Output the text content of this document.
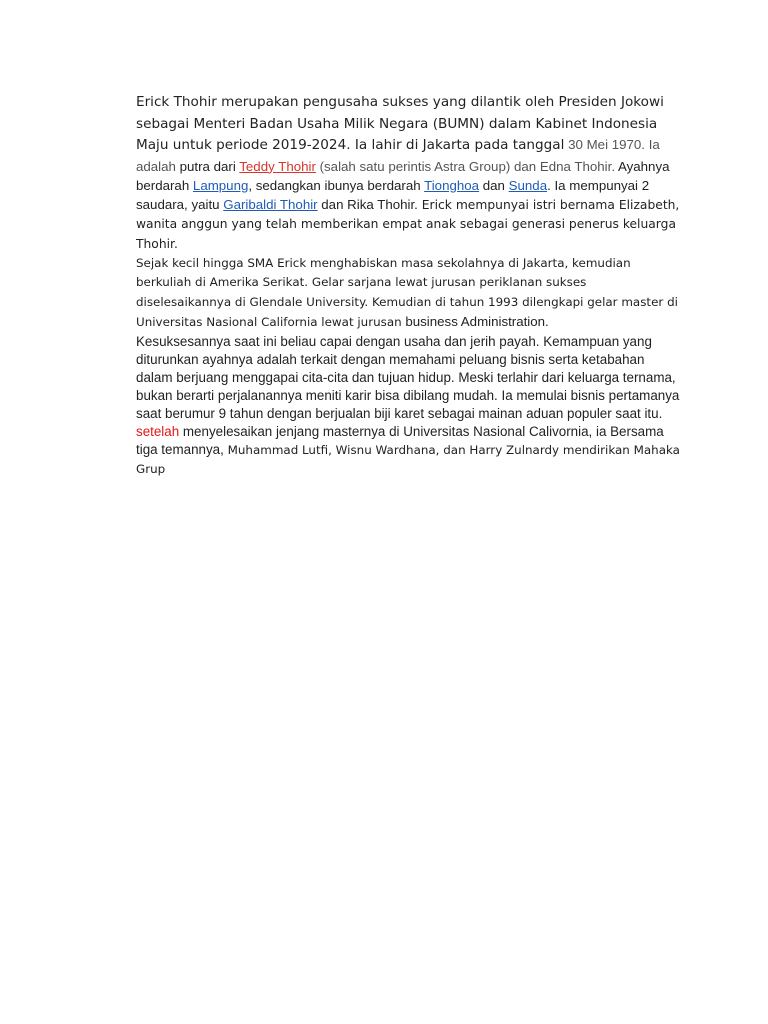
Erick Thohir merupakan pengusaha sukses yang dilantik oleh Presiden Jokowi sebagai Menteri Badan Usaha Milik Negara (BUMN) dalam Kabinet Indonesia Maju untuk periode 2019-2024. Ia lahir di Jakarta pada tanggal 30 Mei 1970. Ia adalah putra dari Teddy Thohir (salah satu perintis Astra Group) dan Edna Thohir. Ayahnya berdarah Lampung, sedangkan ibunya berdarah Tionghoa dan Sunda. Ia mempunyai 2 saudara, yaitu Garibaldi Thohir dan Rika Thohir. Erick mempunyai istri bernama Elizabeth, wanita anggun yang telah memberikan empat anak sebagai generasi penerus keluarga Thohir.

Sejak kecil hingga SMA Erick menghabiskan masa sekolahnya di Jakarta, kemudian berkuliah di Amerika Serikat. Gelar sarjana lewat jurusan periklanan sukses diselesaikannya di Glendale University. Kemudian di tahun 1993 dilengkapi gelar master di Universitas Nasional California lewat jurusan business Administration.

Kesuksesannya saat ini beliau capai dengan usaha dan jerih payah. Kemampuan yang diturunkan ayahnya adalah terkait dengan memahami peluang bisnis serta ketabahan dalam berjuang menggapai cita-cita dan tujuan hidup. Meski terlahir dari keluarga ternama, bukan berarti perjalanannya meniti karir bisa dibilang mudah. Ia memulai bisnis pertamanya saat berumur 9 tahun dengan berjualan biji karet sebagai mainan aduan populer saat itu. setelah menyelesaikan jenjang masternya di Universitas Nasional Calivornia, ia Bersama tiga temannya, Muhammad Lutfi, Wisnu Wardhana, dan Harry Zulnardy mendirikan Mahaka Grup
